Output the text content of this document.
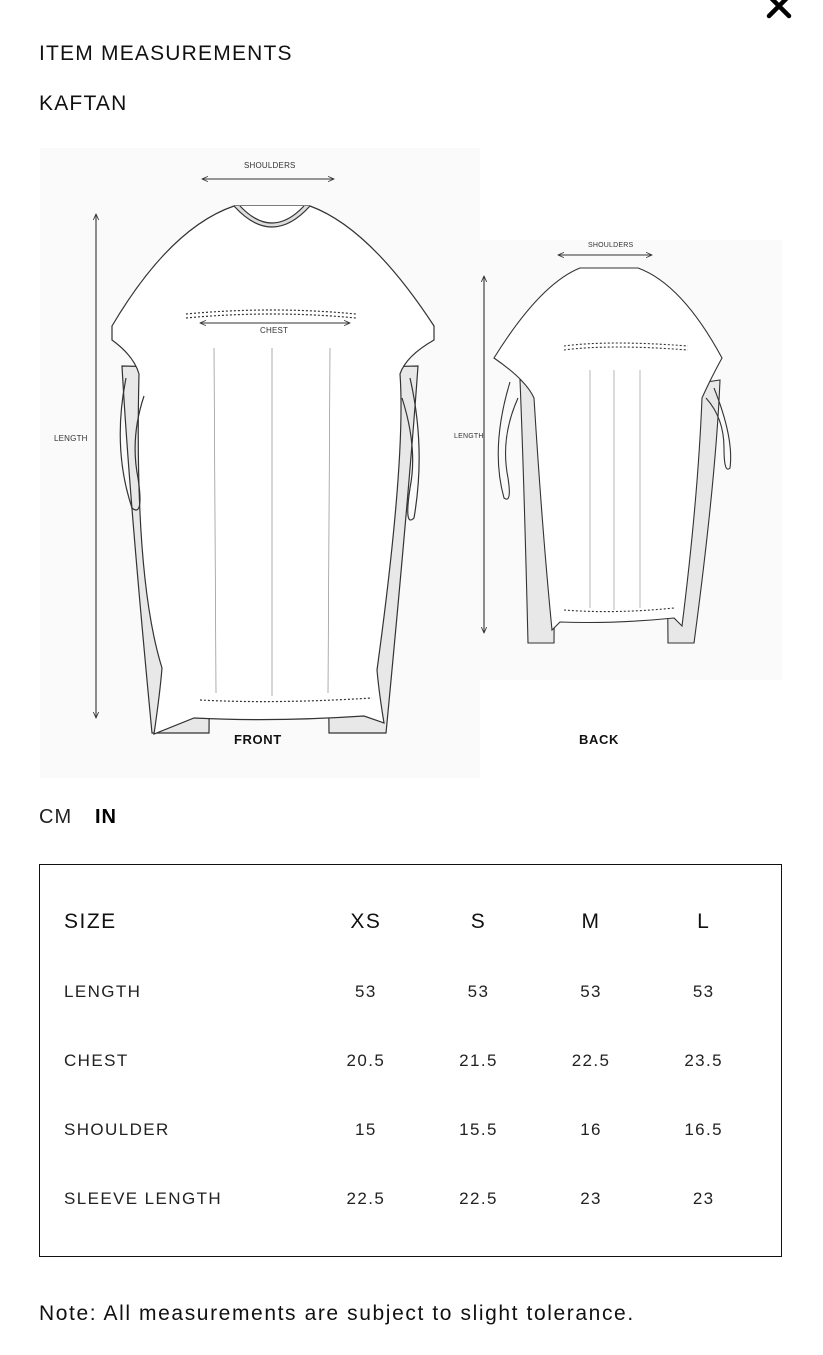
ITEM MEASUREMENTS
KAFTAN
SHOULDERS
CHEST
LENGTH
SHOULDERS
LENGTH
FRONT	BACK
CM IN
SIZE	XS	S	M	L
LENGTH	53	53	53	53
CHEST	20.5	21.5	22.5	23.5
SHOULDER	15	15.5	16	16.5
SLEEVE LENGTH	22.5	22.5	23	23
Note: All measurements are subject to slight tolerance.
